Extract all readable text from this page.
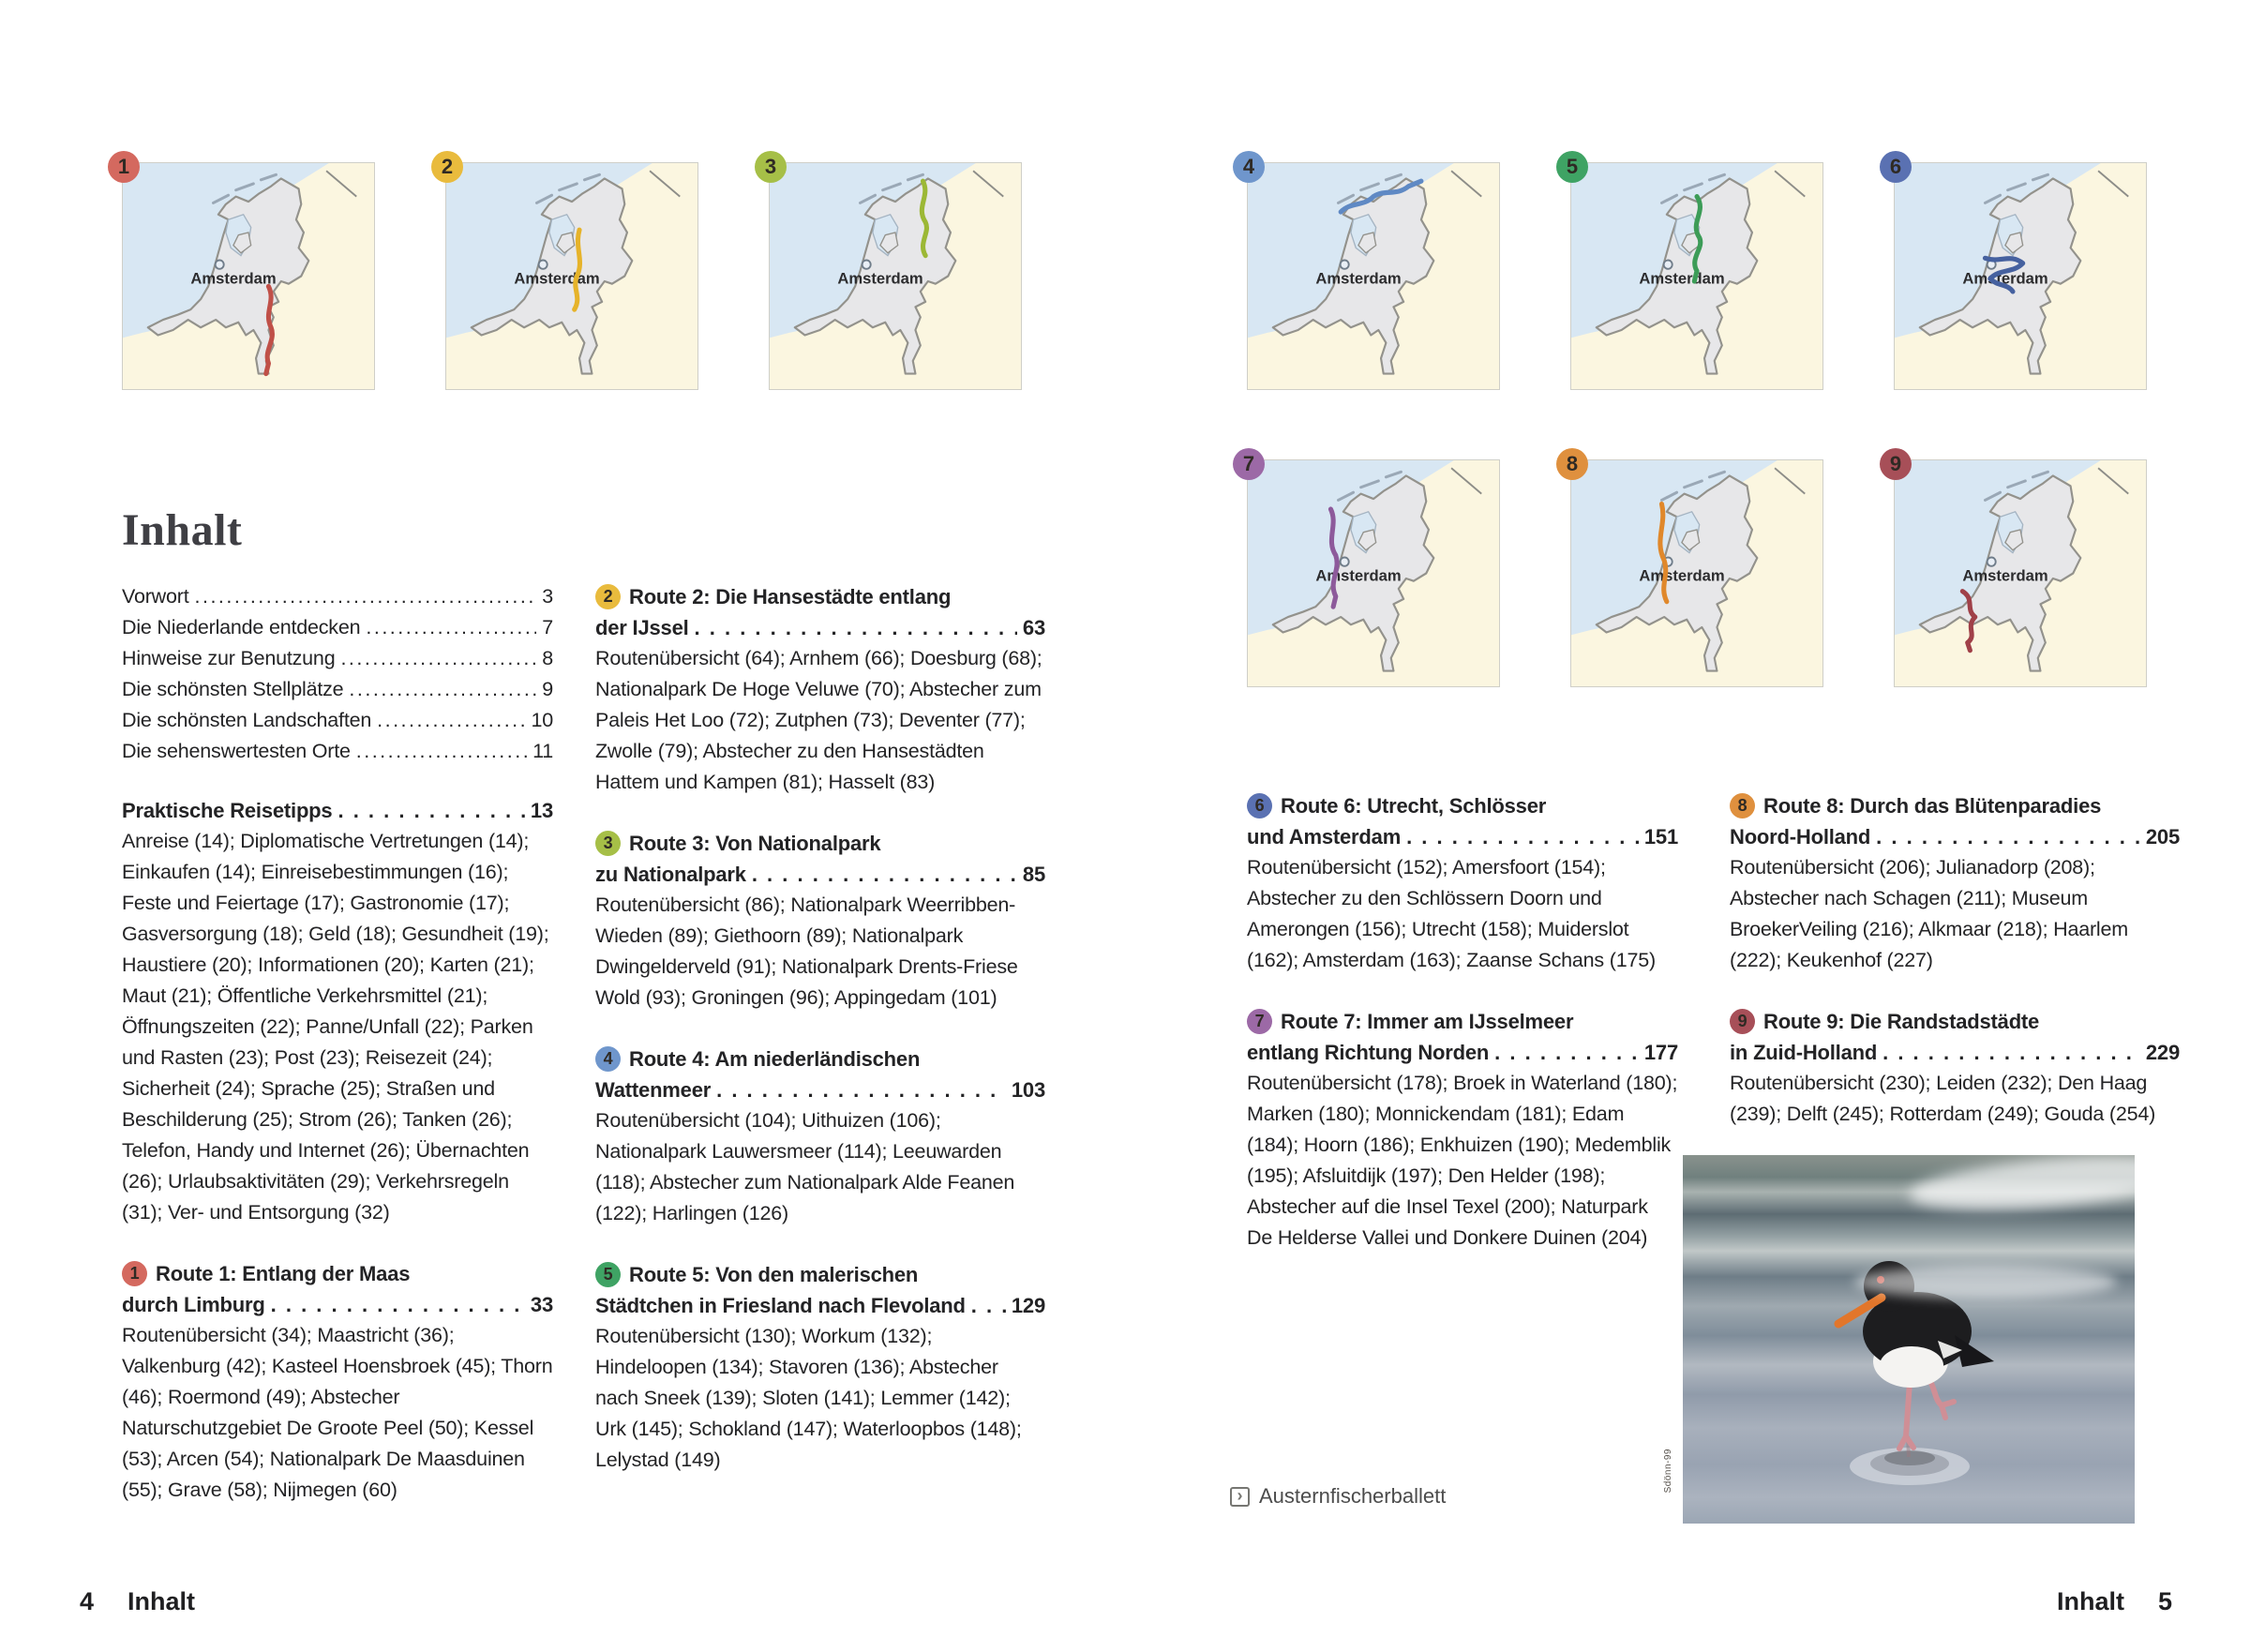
1
Amsterdam
2
Amsterdam
3
Amsterdam
Inhalt
Vorwort .....	3
Die Niederlande entdecken .....	7
Hinweise zur Benutzung .....	8
Die schönsten Stellplätze .....	9
Die schönsten Landschaften .....	10
Die sehenswertesten Orte .....	11
Praktische Reisetipps . . .	13

Anreise (14); Diplomatische Vertretungen (14); Einkaufen (14); Einreisebestimmungen (16); Feste und Feiertage (17); Gastronomie (17); Gasversorgung (18); Geld (18); Gesundheit (19); Haustiere (20); Informationen (20); Karten (21); Maut (21); Öffentliche Verkehrsmittel (21); Öffnungszeiten (22); Panne/Unfall (22); Parken und Rasten (23); Post (23); Reisezeit (24); Sicherheit (24); Sprache (25); Straßen und Beschilderung (25); Strom (26); Tanken (26); Telefon, Handy und Internet (26); Übernachten (26); Urlaubsaktivitäten (29); Verkehrsregeln (31); Ver- und Entsorgung (32)

1 Route 1: Entlang der Maas
durch Limburg . . .	33

Routenübersicht (34); Maastricht (36); Valkenburg (42); Kasteel Hoensbroek (45); Thorn (46); Roermond (49); Abstecher Naturschutzgebiet De Groote Peel (50); Kessel (53); Arcen (54); Nationalpark De Maasduinen (55); Grave (58); Nijmegen (60)

2 Route 2: Die Hansestädte entlang
der IJssel . . .	63

Routenübersicht (64); Arnhem (66); Doesburg (68); Nationalpark De Hoge Veluwe (70); Abstecher zum Paleis Het Loo (72); Zutphen (73); Deventer (77); Zwolle (79); Abstecher zu den Hansestädten Hattem und Kampen (81); Hasselt (83)

3 Route 3: Von Nationalpark
zu Nationalpark . . .	85

Routenübersicht (86); Nationalpark Weerribben-Wieden (89); Giethoorn (89); Nationalpark Dwingelderveld (91); Nationalpark Drents-Friese Wold (93); Groningen (96); Appingedam (101)

4 Route 4: Am niederländischen
Wattenmeer . . .	103

Routenübersicht (104); Uithuizen (106); Nationalpark Lauwersmeer (114); Leeuwarden (118); Abstecher zum Nationalpark Alde Feanen (122); Harlingen (126)

5 Route 5: Von den malerischen
Städtchen in Friesland nach Flevoland . . . 129

Routenübersicht (130); Workum (132); Hindeloopen (134); Stavoren (136); Abstecher nach Sneek (139); Sloten (141); Lemmer (142); Urk (145); Schokland (147); Waterloopbos (148); Lelystad (149)

4 Inhalt
4
Amsterdam
5
Amsterdam
6
Amsterdam
7
Amsterdam
8
Amsterdam
9
Amsterdam
6 Route 6: Utrecht, Schlösser
und Amsterdam . . .	151

Routenübersicht (152); Amersfoort (154); Abstecher zu den Schlössern Doorn und Amerongen (156); Utrecht (158); Muiderslot (162); Amsterdam (163); Zaanse Schans (175)

7 Route 7: Immer am IJsselmeer
entlang Richtung Norden . . .	177

Routenübersicht (178); Broek in Waterland (180); Marken (180); Monnickendam (181); Edam (184); Hoorn (186); Enkhuizen (190); Medemblik (195); Afsluitdijk (197); Den Helder (198); Abstecher auf die Insel Texel (200); Naturpark De Helderse Vallei und Donkere Duinen (204)

8 Route 8: Durch das Blütenparadies
Noord-Holland . . .	205

Routenübersicht (206); Julianadorp (208); Abstecher nach Schagen (211); Museum BroekerVeiling (216); Alkmaar (218); Haarlem (222); Keukenhof (227)

9 Route 9: Die Randstadstädte
in Zuid-Holland . . .	229

Routenübersicht (230); Leiden (232); Den Haag (239); Delft (245); Rotterdam (249); Gouda (254)

› Austernfischerballett
Sdönn-99
Inhalt 5
